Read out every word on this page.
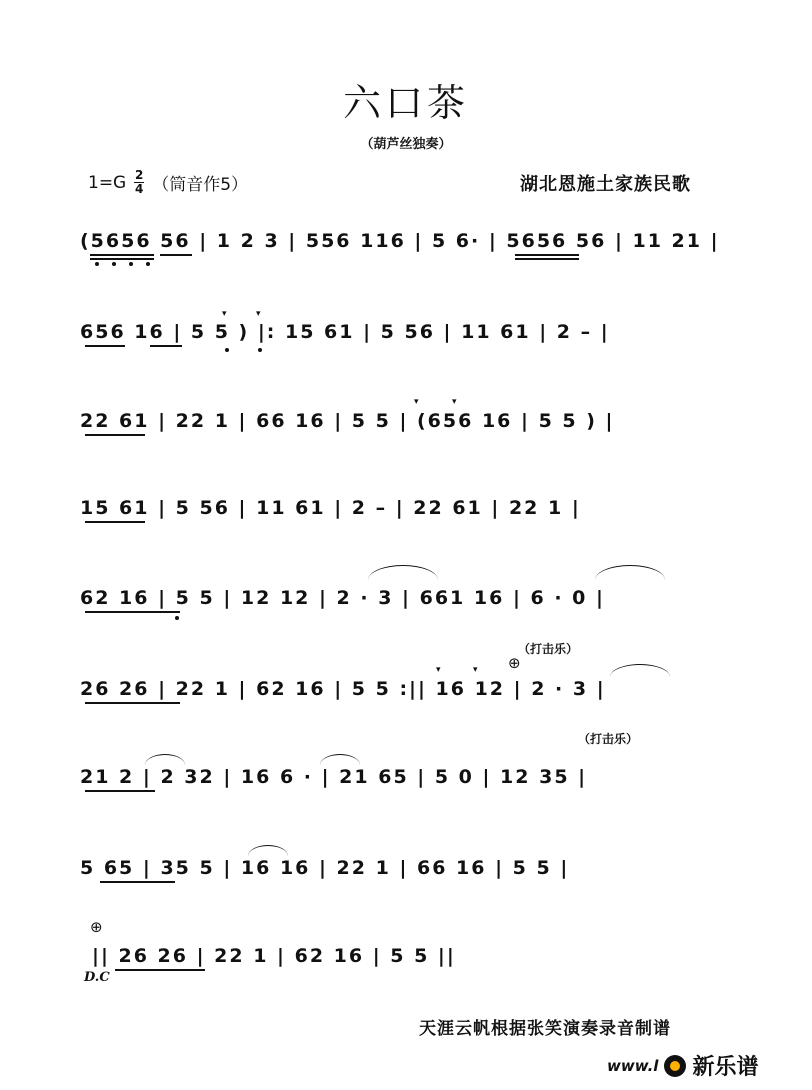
六口茶
（葫芦丝独奏）
$1=G \frac{2}{4}$ （筒音作5）	湖北恩施土家族民歌
(5656 56 | 1 2 3 | 556 116 | 5 6· | 5656 56 | 11 21 |
656 16 | 5 5 ) |: 15 61 | 5 56 | 11 61 | 2 – |
22 61 | 22 1 | 66 16 | 5 5 | (656 16 | 5 5 ) |
15 61 | 5 56 | 11 61 | 2 – | 22 61 | 22 1 |
62 16 | 5 5 | 12 12 | 2 · 3 | 661 16 | 6 · 0 |
26 26 | 22 1 | 62 16 | 5 5 :|| 16 12 | 2 · 3 |
21 2 | 2 32 | 16 6 · | 21 65 | 5 0 | 12 35 |
5 65 | 35 5 | 16 16 | 22 1 | 66 16 | 5 5 |
|| 26 26 | 22 1 | 62 16 | 5 5 ||
▾	▾
▾	▾
▾	▾ ⊕
（打击乐）
（打击乐）
⊕
D.C
天涯云帆根据张笑演奏录音制谱
www.l 新乐谱
